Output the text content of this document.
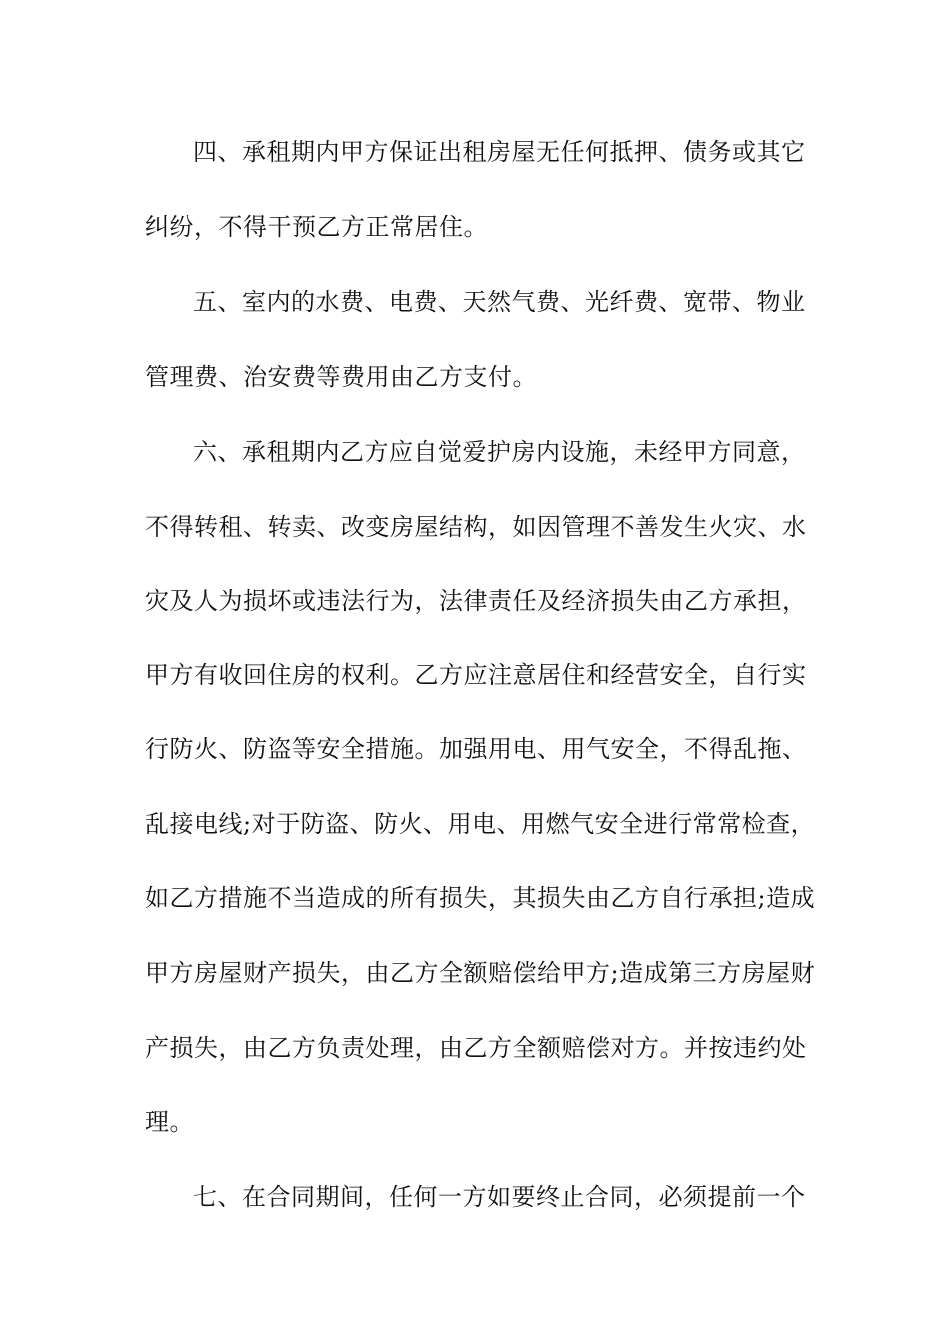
四、承租期内甲方保证出租房屋无任何抵押、债务或其它
纠纷，不得干预乙方正常居住。
五、室内的水费、电费、天然气费、光纤费、宽带、物业
管理费、治安费等费用由乙方支付。
六、承租期内乙方应自觉爱护房内设施，未经甲方同意，
不得转租、转卖、改变房屋结构，如因管理不善发生火灾、水
灾及人为损坏或违法行为，法律责任及经济损失由乙方承担，
甲方有收回住房的权利。乙方应注意居住和经营安全，自行实
行防火、防盗等安全措施。加强用电、用气安全，不得乱拖、
乱接电线;对于防盗、防火、用电、用燃气安全进行常常检查，
如乙方措施不当造成的所有损失，其损失由乙方自行承担;造成
甲方房屋财产损失，由乙方全额赔偿给甲方;造成第三方房屋财
产损失，由乙方负责处理，由乙方全额赔偿对方。并按违约处
理。
七、在合同期间，任何一方如要终止合同，必须提前一个
